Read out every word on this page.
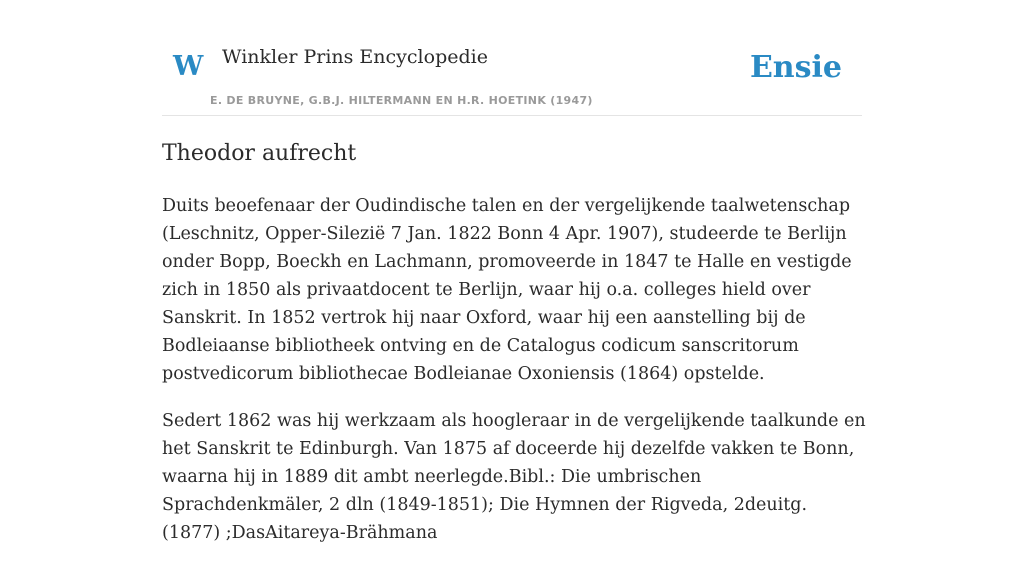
W Winkler Prins Encyclopedie
E. DE BRUYNE, G.B.J. HILTERMANN EN H.R. HOETINK (1947)
Ensie
Theodor aufrecht

Duits beoefenaar der Oudindische talen en der vergelijkende taalwetenschap (Leschnitz, Opper-Silezië 7 Jan. 1822 Bonn 4 Apr. 1907), studeerde te Berlijn onder Bopp, Boeckh en Lachmann, promoveerde in 1847 te Halle en vestigde zich in 1850 als privaatdocent te Berlijn, waar hij o.a. colleges hield over Sanskrit. In 1852 vertrok hij naar Oxford, waar hij een aanstelling bij de Bodleiaanse bibliotheek ontving en de Catalogus codicum sanscritorum postvedicorum bibliothecae Bodleianae Oxoniensis (1864) opstelde.

Sedert 1862 was hij werkzaam als hoogleraar in de vergelijkende taalkunde en het Sanskrit te Edinburgh. Van 1875 af doceerde hij dezelfde vakken te Bonn, waarna hij in 1889 dit ambt neerlegde.Bibl.: Die umbrischen Sprachdenkmäler, 2 dln (1849-1851); Die Hymnen der Rigveda, 2deuitg. (1877) ;DasAitareya-Brähmana
